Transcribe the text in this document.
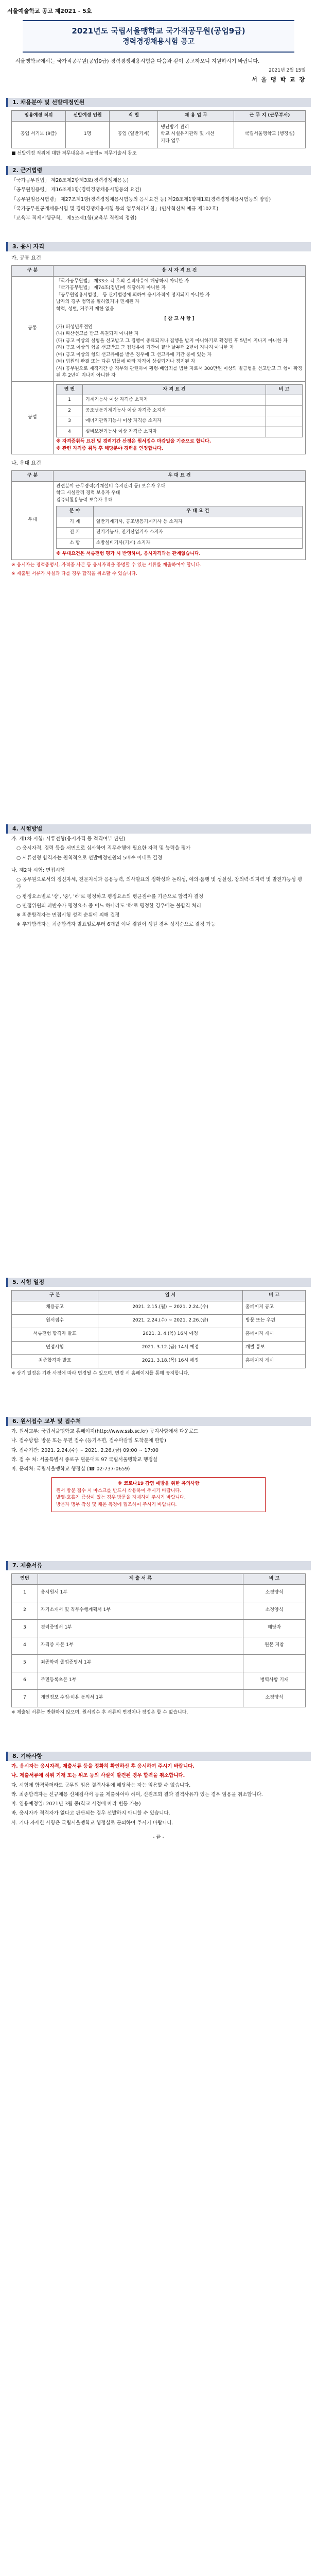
서울예술학교 공고 제2021 - 5호
2021년도 국립서울맹학교 국가직공무원(공업9급)
경력경쟁채용시험 공고
서울맹학교에서는 국가직공무원(공업9급) 경력경쟁채용시험을 다음과 같이 공고하오니 지원하시기 바랍니다.
2021년 2월 15일
서 울 맹 학 교 장
1. 채용분야 및 선발예정인원
임용예정 직위	선발예정 인원	직 렬	채 용 업 무	근 무 지 (근무부서)
공업 서기보 (9급)	1명	공업 (일반기계)	냉난방기 관리
학교 시설유지관리 및 개선
기타 업무	국립서울맹학교 (행정실)
■ 선발예정 직위에 대한 직무내용은 <붙임> 직무기술서 참조
2. 근거법령
「국가공무원법」 제28조제2항제3호(경력경쟁채용등)
「공무원임용령」 제16조제1항(경력경쟁채용시험등의 요건)
「공무원임용시험령」 제27조제1항(경력경쟁채용시험등의 응시요건 등) 제28조제1항제1호(경력경쟁채용시험등의 방법)
「국가공무원공개채용시험 및 경력경쟁채용시험 등의 업무처리지침」(인사혁신처 예규 제102호)
「교육부 직제시행규칙」 제5조제1항(교육부 직원의 정원)
3. 응시 자격
가. 공통 요건
구 분	응 시 자 격 요 건
공통	
「국가공무원법」 제33조 각 호의 결격사유에 해당하지 아니한 자
「국가공무원법」 제74조(정년)에 해당하지 아니한 자
「공무원임용시험령」 등 관계법령에 의하여 응시자격이 정지되지 아니한 자
남자의 경우 병역을 필하였거나 면제된 자
학력, 성별, 거주지 제한 없음
[ 참 고 사 항 ]
(가) 피성년후견인
(나) 파산선고를 받고 복권되지 아니한 자
(다) 금고 이상의 실형을 선고받고 그 집행이 종료되거나 집행을 받지 아니하기로 확정된 후 5년이 지나지 아니한 자
(라) 금고 이상의 형을 선고받고 그 집행유예 기간이 끝난 날부터 2년이 지나지 아니한 자
(마) 금고 이상의 형의 선고유예를 받은 경우에 그 선고유예 기간 중에 있는 자
(바) 법원의 판결 또는 다른 법률에 따라 자격이 상실되거나 정지된 자
(사) 공무원으로 재직기간 중 직무와 관련하여 횡령·배임죄를 범한 자로서 300만원 이상의 벌금형을 선고받고 그 형이 확정된 후 2년이 지나지 아니한 자

공업	
연 번	자 격 요 건	비 고
1	기계기능사 이상 자격증 소지자	
2	공조냉동기계기능사 이상 자격증 소지자	
3	에너지관리기능사 이상 자격증 소지자	
4	설비보전기능사 이상 자격증 소지자	
※ 자격증취득 요건 및 경력기간 산정은 원서접수 마감일을 기준으로 합니다.
※ 관련 자격증 취득 후 해당분야 경력을 인정합니다.
나. 우대 요건
구 분	우 대 요 건
우대	
관련분야 근무경력(기계설비 유지관리 등) 보유자 우대
학교 시설관리 경력 보유자 우대
컴퓨터활용능력 보유자 우대
분 야	우 대 요 건
기 계	일반기계기사, 공조냉동기계기사 등 소지자
전 기	전기기능사, 전기산업기사 소지자
소 방	소방설비기사(기계) 소지자
※ 우대요건은 서류전형 평가 시 반영하며, 응시자격과는 관계없습니다.
※ 응시자는 경력증명서, 자격증 사본 등 응시자격을 증명할 수 있는 서류를 제출하여야 합니다.
※ 제출된 서류가 사실과 다를 경우 합격을 취소할 수 있습니다.
4. 시험방법
가. 제1차 시험: 서류전형(응시자격 등 적격여부 판단)
○ 응시자격, 경력 등을 서면으로 심사하여 직무수행에 필요한 자격 및 능력을 평가
○ 서류전형 합격자는 원칙적으로 선발예정인원의 5배수 이내로 결정
나. 제2차 시험: 면접시험
○ 공무원으로서의 정신자세, 전문지식과 응용능력, 의사발표의 정확성과 논리성, 예의·품행 및 성실성, 창의력·의지력 및 발전가능성 평가
○ 평정요소별로 '상', '중', '하'로 평정하고 평정요소의 평균점수를 기준으로 합격자 결정
○ 면접위원의 과반수가 평정요소 중 어느 하나라도 '하'로 평정한 경우에는 불합격 처리
※ 최종합격자는 면접시험 성적 순위에 의해 결정
※ 추가합격자는 최종합격자 발표일로부터 6개월 이내 결원이 생길 경우 성적순으로 결정 가능
5. 시험 일정
구 분	일 시	비 고
채용공고	2021. 2.15.(월) ~ 2021. 2.24.(수)	홈페이지 공고
원서접수	2021. 2.24.(수) ~ 2021. 2.26.(금)	방문 또는 우편
서류전형 합격자 발표	2021. 3. 4.(목) 16시 예정	홈페이지 게시
면접시험	2021. 3.12.(금) 14시 예정	개별 통보
최종합격자 발표	2021. 3.18.(목) 16시 예정	홈페이지 게시
※ 상기 일정은 기관 사정에 따라 변경될 수 있으며, 변경 시 홈페이지를 통해 공지합니다.
6. 원서접수 교부 및 접수처
가. 원서교부: 국립서울맹학교 홈페이지(http://www.ssb.sc.kr) 공지사항에서 다운로드
나. 접수방법: 방문 또는 우편 접수 (등기우편, 접수마감일 도착분에 한함)
다. 접수기간: 2021. 2.24.(수) ~ 2021. 2.26.(금) 09:00 ~ 17:00
라. 접 수 처: 서울특별시 종로구 필운대로 97 국립서울맹학교 행정실
마. 문의처: 국립서울맹학교 행정실 (☎ 02-737-0659)
※ 코로나19 감염 예방을 위한 유의사항
원서 방문 접수 시 마스크를 반드시 착용하여 주시기 바랍니다.
발열·호흡기 증상이 있는 경우 방문을 자제하여 주시기 바랍니다.
방문자 명부 작성 및 체온 측정에 협조하여 주시기 바랍니다.
7. 제출서류
연번	제 출 서 류	비 고
1	응시원서 1부	소정양식
2	자기소개서 및 직무수행계획서 1부	소정양식
3	경력증명서 1부	해당자
4	자격증 사본 1부	원본 지참
5	최종학력 졸업증명서 1부	
6	주민등록초본 1부	병역사항 기재
7	개인정보 수집·이용 동의서 1부	소정양식
※ 제출된 서류는 반환하지 않으며, 원서접수 후 서류의 변경이나 정정은 할 수 없습니다.
8. 기타사항
가. 응시자는 응시자격, 제출서류 등을 정확히 확인하신 후 응시하여 주시기 바랍니다.
나. 제출서류에 허위 기재 또는 위조 등의 사실이 발견된 경우 합격을 취소합니다.
다. 시험에 합격하더라도 공무원 임용 결격사유에 해당하는 자는 임용할 수 없습니다.
라. 최종합격자는 신규채용 신체검사서 등을 제출하여야 하며, 신원조회 결과 결격사유가 있는 경우 임용을 취소합니다.
마. 임용예정일: 2021년 3월 중(학교 사정에 따라 변동 가능)
바. 응시자가 적격자가 없다고 판단되는 경우 선발하지 아니할 수 있습니다.
사. 기타 자세한 사항은 국립서울맹학교 행정실로 문의하여 주시기 바랍니다.
- 끝 -
